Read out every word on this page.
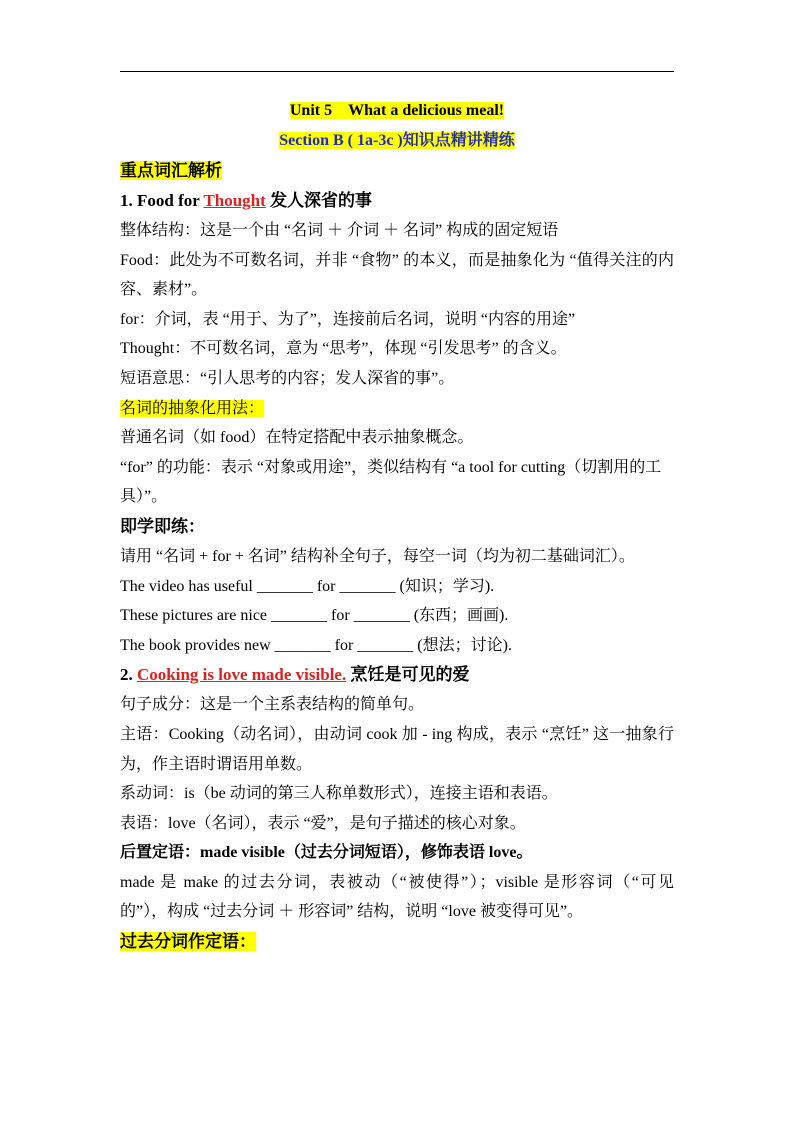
Unit 5　What a delicious meal!
Section B ( 1a-3c )知识点精讲精练
重点词汇解析
1. Food for Thought 发人深省的事
整体结构：这是一个由 “名词 ＋ 介词 ＋ 名词” 构成的固定短语
Food：此处为不可数名词，并非 “食物” 的本义，而是抽象化为 “值得关注的内容、素材”。
for：介词，表 “用于、为了”，连接前后名词，说明 “内容的用途”
Thought：不可数名词，意为 “思考”，体现 “引发思考” 的含义。
短语意思：“引人思考的内容；发人深省的事”。
名词的抽象化用法：
普通名词（如 food）在特定搭配中表示抽象概念。
“for” 的功能：表示 “对象或用途”，类似结构有 “a tool for cutting（切割用的工具）”。
即学即练：
请用 “名词 + for + 名词” 结构补全句子，每空一词（均为初二基础词汇）。
The video has useful _______ for _______ (知识；学习).
These pictures are nice _______ for _______ (东西；画画).
The book provides new _______ for _______ (想法；讨论).
2. Cooking is love made visible. 烹饪是可见的爱
句子成分：这是一个主系表结构的简单句。
主语：Cooking（动名词），由动词 cook 加 - ing 构成，表示 “烹饪” 这一抽象行为，作主语时谓语用单数。
系动词：is（be 动词的第三人称单数形式），连接主语和表语。
表语：love（名词），表示 “爱”，是句子描述的核心对象。
后置定语：made visible（过去分词短语），修饰表语 love。
made 是 make 的过去分词，表被动（“被使得”）；visible 是形容词（“可见的”），构成 “过去分词 ＋ 形容词” 结构，说明 “love 被变得可见”。
过去分词作定语：
